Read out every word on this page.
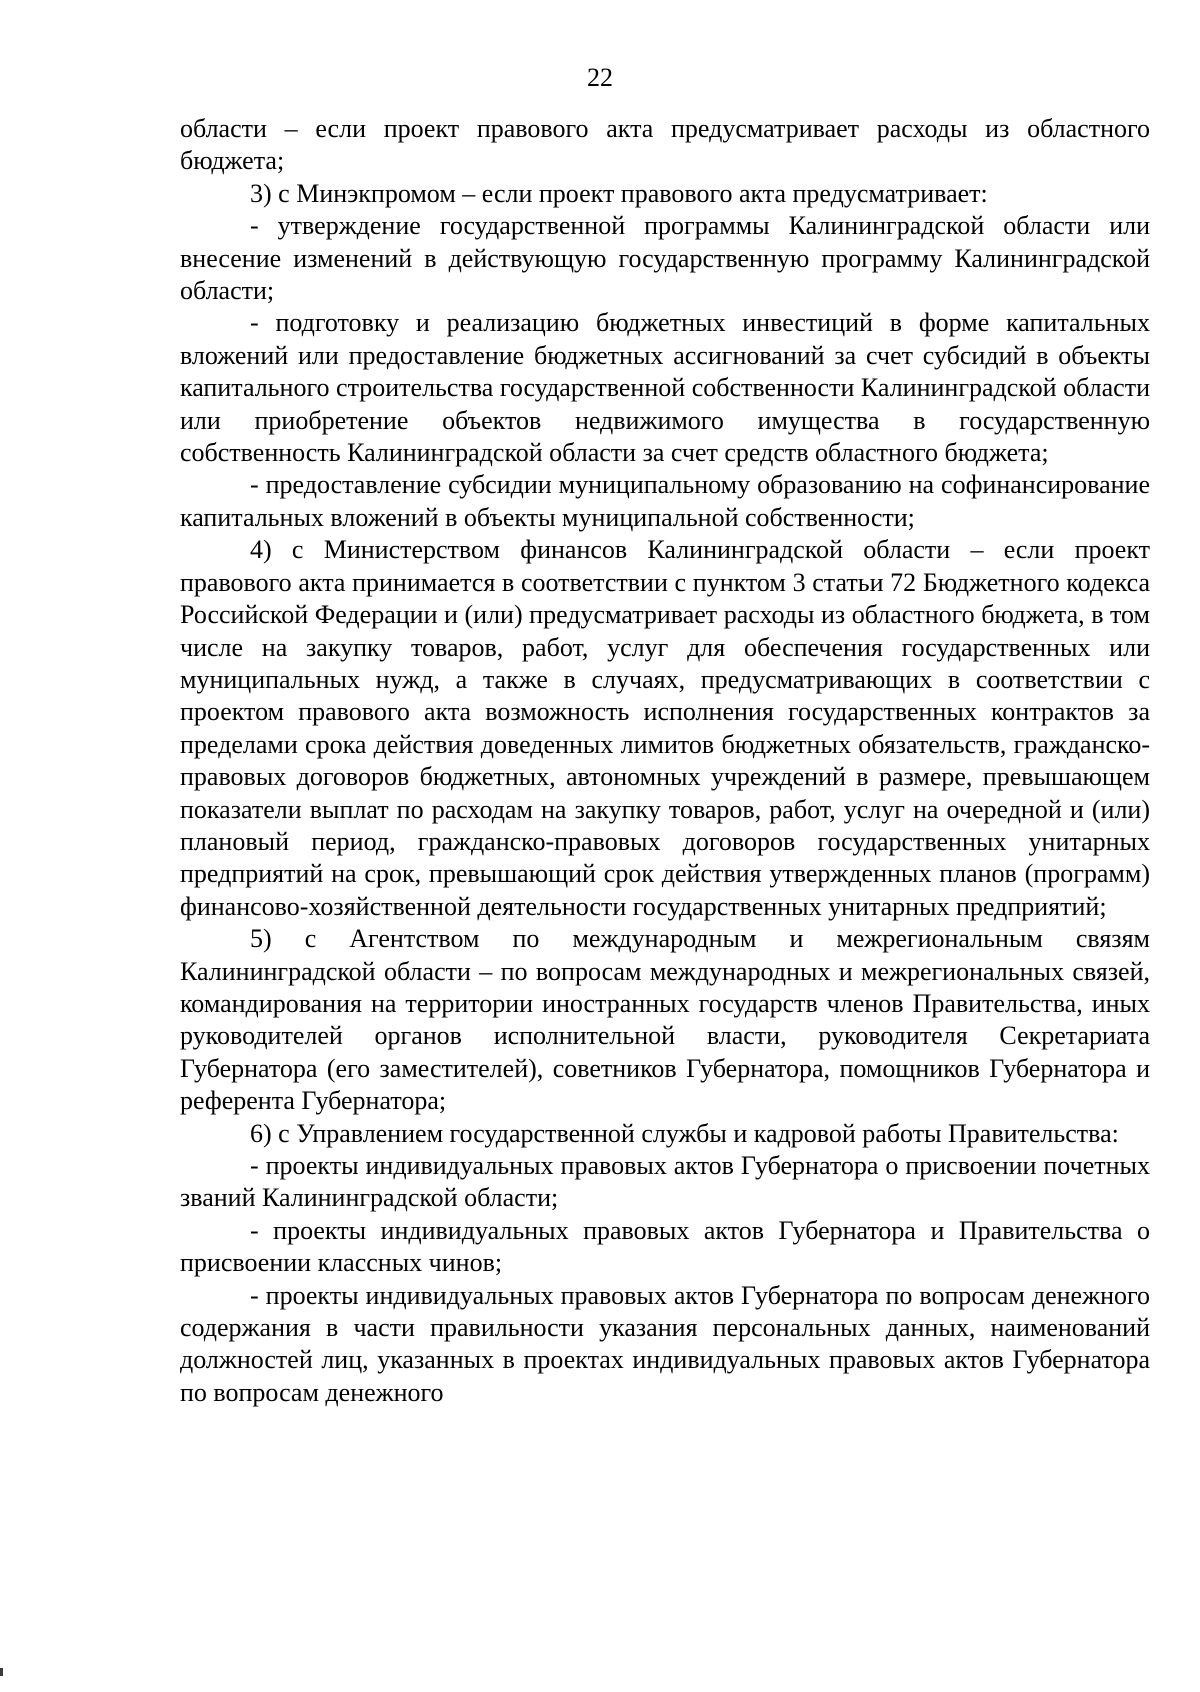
22

области – если проект правового акта предусматривает расходы из областного бюджета;

3) с Минэкпромом – если проект правового акта предусматривает:

- утверждение государственной программы Калининградской области или внесение изменений в действующую государственную программу Калининградской области;

- подготовку и реализацию бюджетных инвестиций в форме капитальных вложений или предоставление бюджетных ассигнований за счет субсидий в объекты капитального строительства государственной собственности Калининградской области или приобретение объектов недвижимого имущества в государственную собственность Калининградской области за счет средств областного бюджета;

- предоставление субсидии муниципальному образованию на софинансирование капитальных вложений в объекты муниципальной собственности;

4) с Министерством финансов Калининградской области – если проект правового акта принимается в соответствии с пунктом 3 статьи 72 Бюджетного кодекса Российской Федерации и (или) предусматривает расходы из областного бюджета, в том числе на закупку товаров, работ, услуг для обеспечения государственных или муниципальных нужд, а также в случаях, предусматривающих в соответствии с проектом правового акта возможность исполнения государственных контрактов за пределами срока действия доведенных лимитов бюджетных обязательств, гражданско-правовых договоров бюджетных, автономных учреждений в размере, превышающем показатели выплат по расходам на закупку товаров, работ, услуг на очередной и (или) плановый период, гражданско-правовых договоров государственных унитарных предприятий на срок, превышающий срок действия утвержденных планов (программ) финансово-хозяйственной деятельности государственных унитарных предприятий;

5) с Агентством по международным и межрегиональным связям Калининградской области – по вопросам международных и межрегиональных связей, командирования на территории иностранных государств членов Правительства, иных руководителей органов исполнительной власти, руководителя Секретариата Губернатора (его заместителей), советников Губернатора, помощников Губернатора и референта Губернатора;

6) с Управлением государственной службы и кадровой работы Правительства:

- проекты индивидуальных правовых актов Губернатора о присвоении почетных званий Калининградской области;

- проекты индивидуальных правовых актов Губернатора и Правительства о присвоении классных чинов;

- проекты индивидуальных правовых актов Губернатора по вопросам денежного содержания в части правильности указания персональных данных, наименований должностей лиц, указанных в проектах индивидуальных правовых актов Губернатора по вопросам денежного
